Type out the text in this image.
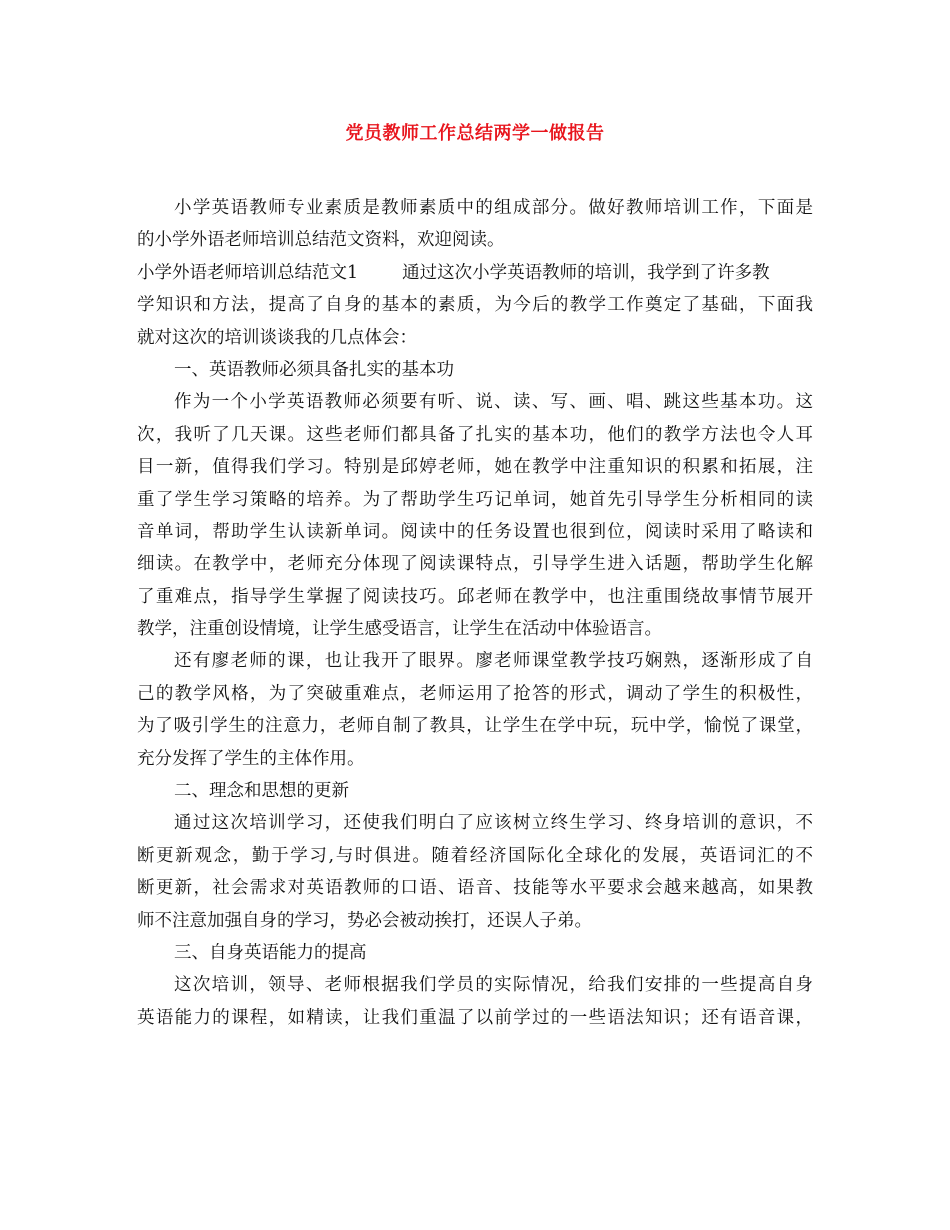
党员教师工作总结两学一做报告
小学英语教师专业素质是教师素质中的组成部分。做好教师培训工作，下面是
的小学外语老师培训总结范文资料，欢迎阅读。
小学外语老师培训总结范文1	通过这次小学英语教师的培训，我学到了许多教
学知识和方法，提高了自身的基本的素质，为今后的教学工作奠定了基础，下面我
就对这次的培训谈谈我的几点体会：
一、英语教师必须具备扎实的基本功
作为一个小学英语教师必须要有听、说、读、写、画、唱、跳这些基本功。这
次，我听了几天课。这些老师们都具备了扎实的基本功，他们的教学方法也令人耳
目一新，值得我们学习。特别是邱婷老师，她在教学中注重知识的积累和拓展，注
重了学生学习策略的培养。为了帮助学生巧记单词，她首先引导学生分析相同的读
音单词，帮助学生认读新单词。阅读中的任务设置也很到位，阅读时采用了略读和
细读。在教学中，老师充分体现了阅读课特点，引导学生进入话题，帮助学生化解
了重难点，指导学生掌握了阅读技巧。邱老师在教学中，也注重围绕故事情节展开
教学，注重创设情境，让学生感受语言，让学生在活动中体验语言。
还有廖老师的课，也让我开了眼界。廖老师课堂教学技巧娴熟，逐渐形成了自
己的教学风格，为了突破重难点，老师运用了抢答的形式，调动了学生的积极性，
为了吸引学生的注意力，老师自制了教具，让学生在学中玩，玩中学，愉悦了课堂，
充分发挥了学生的主体作用。
二、理念和思想的更新
通过这次培训学习，还使我们明白了应该树立终生学习、终身培训的意识，不
断更新观念，勤于学习,与时俱进。随着经济国际化全球化的发展，英语词汇的不
断更新，社会需求对英语教师的口语、语音、技能等水平要求会越来越高，如果教
师不注意加强自身的学习，势必会被动挨打，还误人子弟。
三、自身英语能力的提高
这次培训，领导、老师根据我们学员的实际情况，给我们安排的一些提高自身
英语能力的课程，如精读，让我们重温了以前学过的一些语法知识；还有语音课，
